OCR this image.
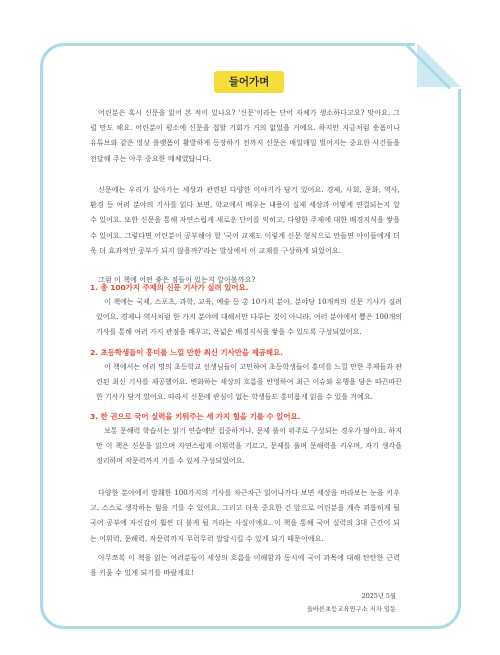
들어가며

어린분은 혹시 신문을 읽어 본 적이 있나요? '신문'이라는 단어 자체가 생소하다고요? 맞아요, 그럴 만도 해요. 어린분이 평소에 신문을 접할 기회가 거의 없었을 거예요. 하지만 지금처럼 숏폼이나 유튜브와 같은 영상 플랫폼이 활발하게 등장하기 전까지 신문은 매일매일 벌어지는 중요한 사건들을 전달해 주는 아주 중요한 매체였답니다.

신문에는 우리가 살아가는 세상과 관련된 다양한 이야기가 담겨 있어요. 경제, 사회, 문화, 역사, 환경 등 여러 분야의 기사를 읽다 보면, 학교에서 배우는 내용이 실제 세상과 어떻게 연결되는지 알 수 있어요. 또한 신문을 통해 자연스럽게 새로운 단어를 익히고, 다양한 주제에 대한 배경지식을 쌓을 수 있어요. 그렇다면 어린분이 공부해야 할 '국어 교재도 이렇게 신문 형식으로 만들면 아이들에게 더욱 더 효과적인 공부가 되지 않을까?'라는 발상에서 이 교재를 구상하게 되었어요.

그럼 이 책에 어떤 좋은 점들이 있는지 알아볼까요?

1. 총 100가지 주제의 신문 기사가 실려 있어요.

이 책에는 국제, 스포츠, 과학, 교육, 예술 등 총 10가지 분야, 분야당 10개씩의 신문 기사가 실려 있어요. 경제나 역사처럼 한 가지 분야에 대해서만 다루는 것이 아니라, 여러 분야에서 뽑은 100개의 기사를 통해 여러 가지 관점을 배우고, 폭넓은 배경지식을 쌓을 수 있도록 구성되었어요.

2. 초등학생들이 흥미를 느낄 만한 최신 기사만을 제공해요.

이 책에서는 여러 명의 초등학교 선생님들이 고민하여 초등학생들이 흥미를 느낄 만한 주제들과 관련된 최신 기사를 제공했어요. 변화하는 세상의 흐름을 반영하여 최근 이슈와 유행을 담은 따끈따끈한 기사가 담겨 있어요. 따라서 신문에 관심이 없는 학생들도 흥미롭게 읽을 수 있을 거예요.

3. 한 권으로 국어 실력을 키워주는 세 가지 힘을 기를 수 있어요.

보통 문해력 학습서는 읽기 연습에만 집중하거나, 문제 풀이 위주로 구성되는 경우가 많아요. 하지만 이 책은 신문을 읽으며 자연스럽게 어휘력을 기르고, 문제를 풀며 문해력을 키우며, 자기 생각을 정리하며 작문력까지 기를 수 있게 구성되었어요.

다양한 분야에서 발췌한 100가지의 기사를 차근차근 읽어나가다 보면 세상을 바라보는 눈을 키우고, 스스로 생각하는 힘을 기를 수 있어요. 그리고 더욱 중요한 건 앞으로 어린분을 계속 괴롭히게 될 국어 공부에 자신감이 훨씬 더 붙게 될 거라는 사실이에요. 이 책을 통해 국어 실력의 3대 근간이 되는 어휘력, 문해력, 작문력까지 무럭무럭 발달시킬 수 있게 되기 때문이에요.

아무쪼록 이 책을 읽는 여러분들이 세상의 흐름을 이해함과 동시에 국어 과목에 대해 탄탄한 근력을 키울 수 있게 되기를 바랄게요!

2025년 5월
올바른초등교육연구소 저자 일동
